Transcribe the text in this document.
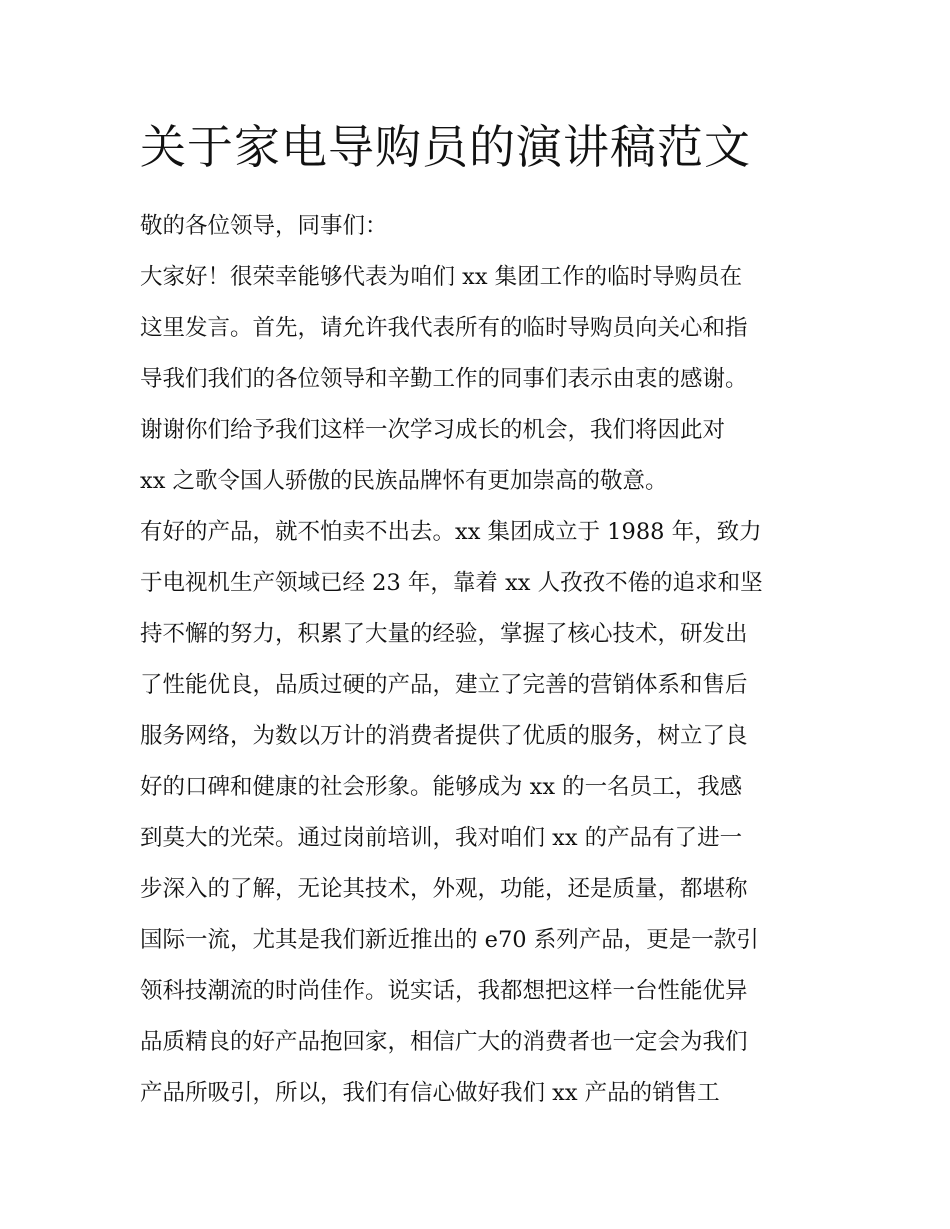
关于家电导购员的演讲稿范文
敬的各位领导，同事们：
大家好！很荣幸能够代表为咱们 xx 集团工作的临时导购员在
这里发言。首先，请允许我代表所有的临时导购员向关心和指
导我们我们的各位领导和辛勤工作的同事们表示由衷的感谢。
谢谢你们给予我们这样一次学习成长的机会，我们将因此对
xx 之歌令国人骄傲的民族品牌怀有更加崇高的敬意。
有好的产品，就不怕卖不出去。xx 集团成立于 1988 年，致力
于电视机生产领域已经 23 年，靠着 xx 人孜孜不倦的追求和坚
持不懈的努力，积累了大量的经验，掌握了核心技术，研发出
了性能优良，品质过硬的产品，建立了完善的营销体系和售后
服务网络，为数以万计的消费者提供了优质的服务，树立了良
好的口碑和健康的社会形象。能够成为 xx 的一名员工，我感
到莫大的光荣。通过岗前培训，我对咱们 xx 的产品有了进一
步深入的了解，无论其技术，外观，功能，还是质量，都堪称
国际一流，尤其是我们新近推出的 e70 系列产品，更是一款引
领科技潮流的时尚佳作。说实话，我都想把这样一台性能优异
品质精良的好产品抱回家，相信广大的消费者也一定会为我们
产品所吸引，所以，我们有信心做好我们 xx 产品的销售工
